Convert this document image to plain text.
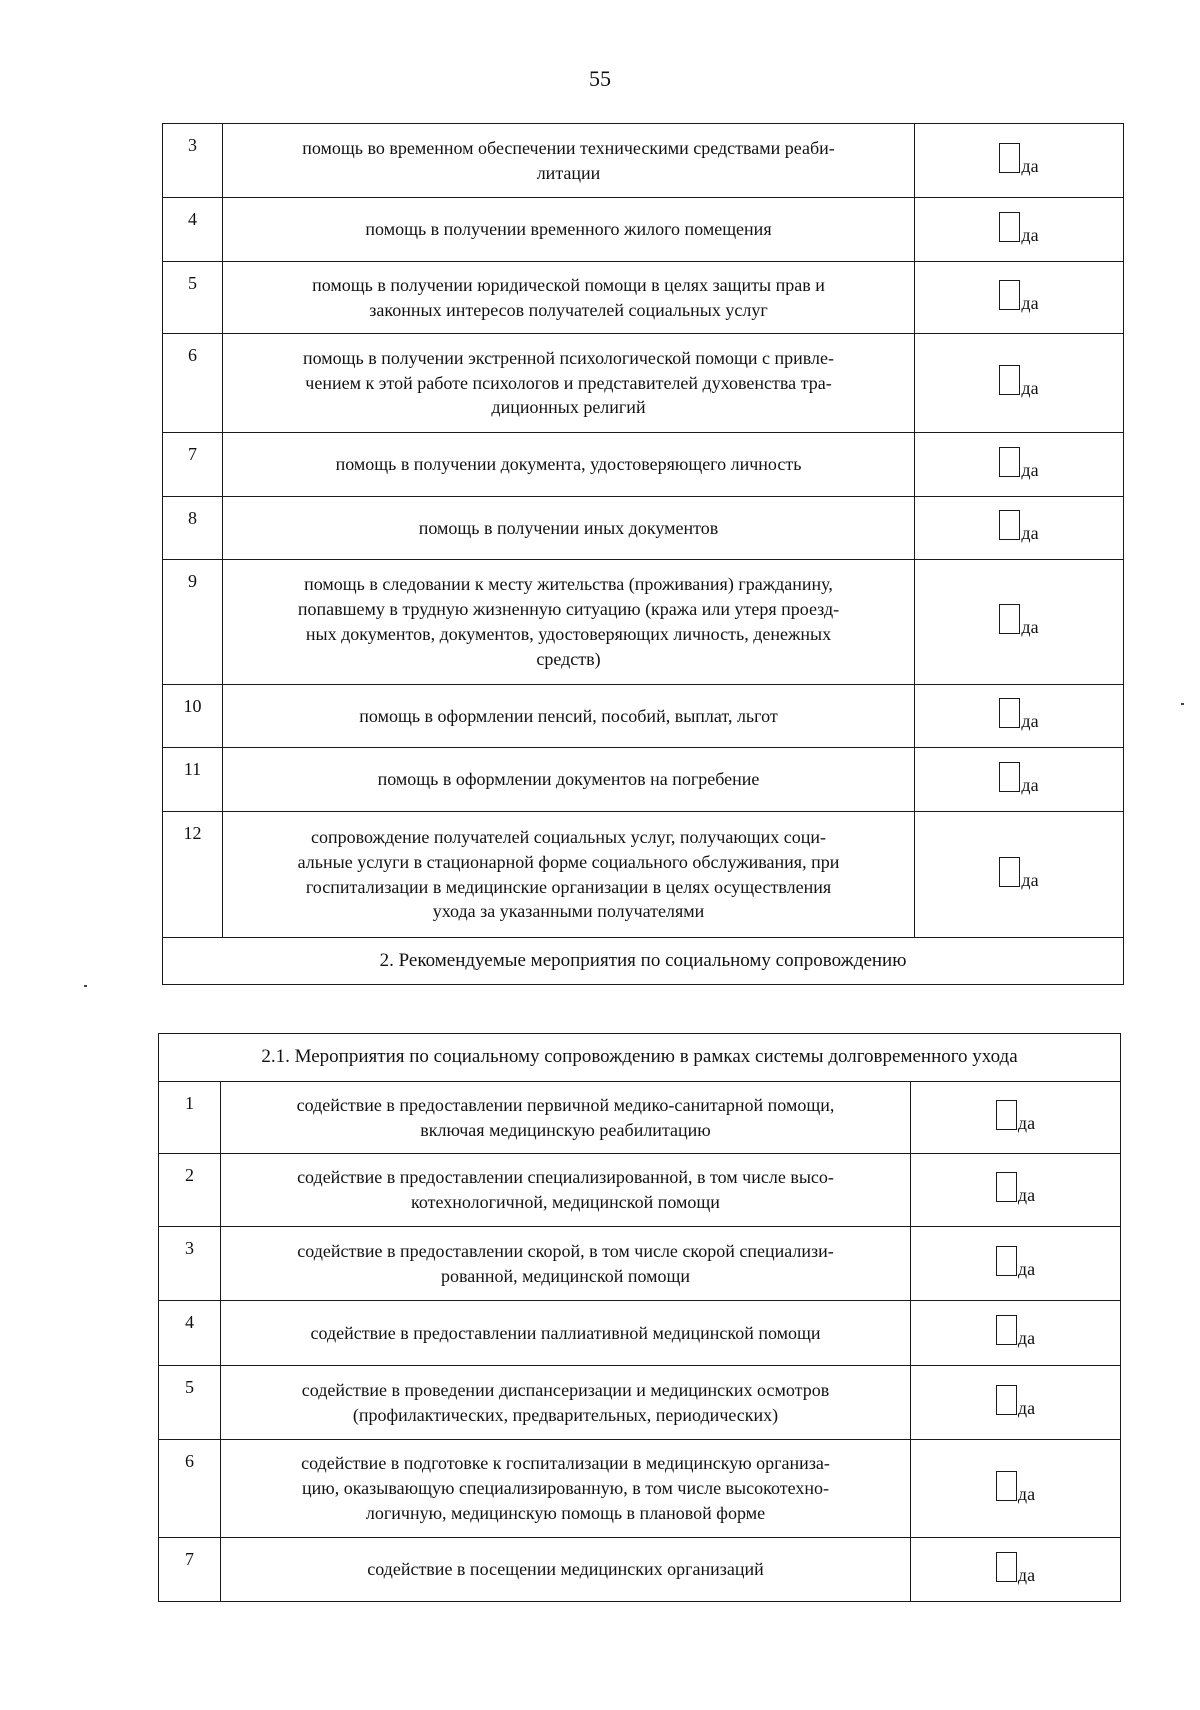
55
3	помощь во временном обеспечении техническими средствами реаби-
литации	да
4	помощь в получении временного жилого помещения	да
5	помощь в получении юридической помощи в целях защиты прав и
законных интересов получателей социальных услуг	да
6	помощь в получении экстренной психологической помощи с привле-
чением к этой работе психологов и представителей духовенства тра-
диционных религий	да
7	помощь в получении документа, удостоверяющего личность	да
8	помощь в получении иных документов	да
9	помощь в следовании к месту жительства (проживания) гражданину,
попавшему в трудную жизненную ситуацию (кража или утеря проезд-
ных документов, документов, удостоверяющих личность, денежных
средств)	да
10	помощь в оформлении пенсий, пособий, выплат, льгот	да
11	помощь в оформлении документов на погребение	да
12	сопровождение получателей социальных услуг, получающих соци-
альные услуги в стационарной форме социального обслуживания, при
госпитализации в медицинские организации в целях осуществления
ухода за указанными получателями	да
2. Рекомендуемые мероприятия по социальному сопровождению		
2.1. Мероприятия по социальному сопровождению в рамках системы долговременного ухода		
1	содействие в предоставлении первичной медико-санитарной помощи,
включая медицинскую реабилитацию	да
2	содействие в предоставлении специализированной, в том числе высо-
котехнологичной, медицинской помощи	да
3	содействие в предоставлении скорой, в том числе скорой специализи-
рованной, медицинской помощи	да
4	содействие в предоставлении паллиативной медицинской помощи	да
5	содействие в проведении диспансеризации и медицинских осмотров
(профилактических, предварительных, периодических)	да
6	содействие в подготовке к госпитализации в медицинскую организа-
цию, оказывающую специализированную, в том числе высокотехно-
логичную, медицинскую помощь в плановой форме	да
7	содействие в посещении медицинских организаций	да
